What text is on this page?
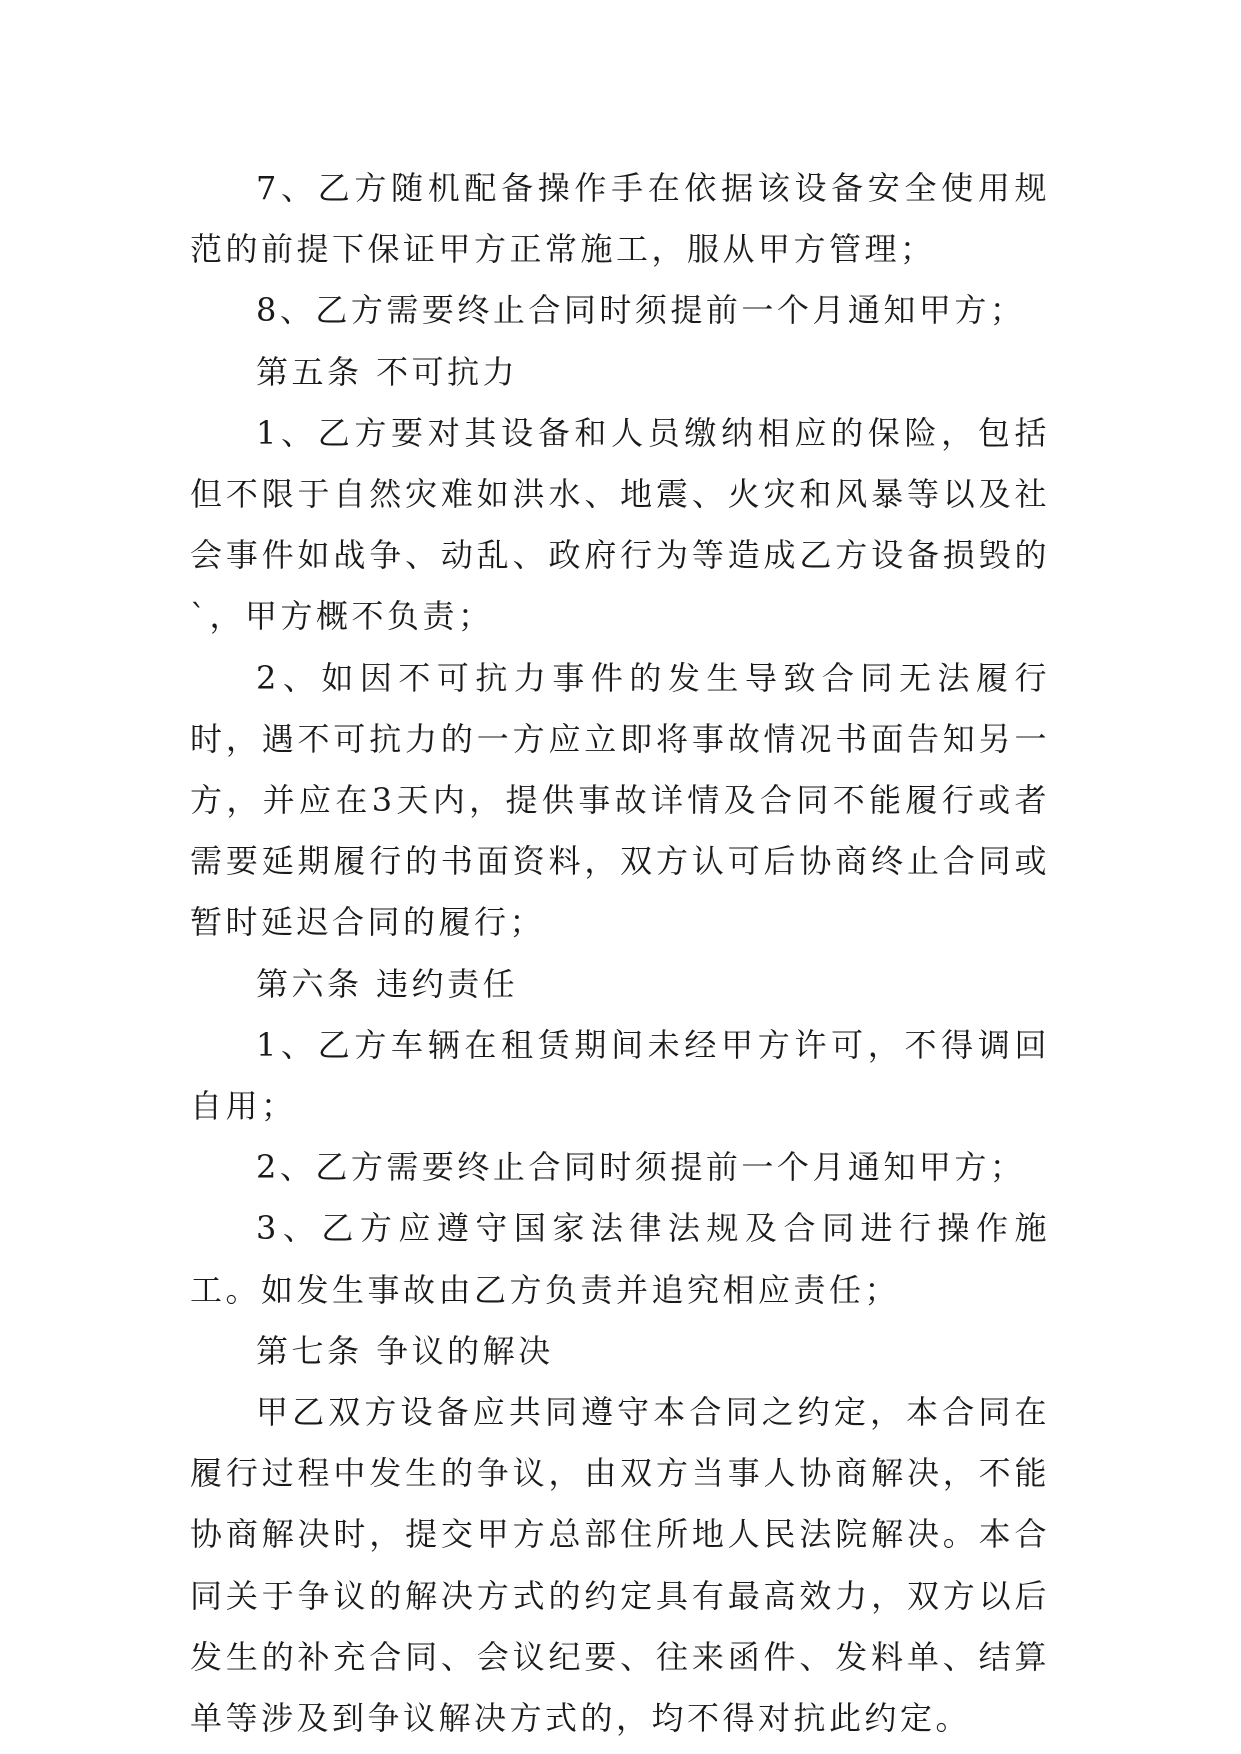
7、乙方随机配备操作手在依据该设备安全使用规范的前提下保证甲方正常施工，服从甲方管理；

8、乙方需要终止合同时须提前一个月通知甲方；

第五条 不可抗力

1、乙方要对其设备和人员缴纳相应的保险，包括但不限于自然灾难如洪水、地震、火灾和风暴等以及社会事件如战争、动乱、政府行为等造成乙方设备损毁的`，甲方概不负责；

2、如因不可抗力事件的发生导致合同无法履行时，遇不可抗力的一方应立即将事故情况书面告知另一方，并应在3天内，提供事故详情及合同不能履行或者需要延期履行的书面资料，双方认可后协商终止合同或暂时延迟合同的履行；

第六条 违约责任

1、乙方车辆在租赁期间未经甲方许可，不得调回自用；

2、乙方需要终止合同时须提前一个月通知甲方；

3、乙方应遵守国家法律法规及合同进行操作施工。如发生事故由乙方负责并追究相应责任；

第七条 争议的解决

甲乙双方设备应共同遵守本合同之约定，本合同在履行过程中发生的争议，由双方当事人协商解决，不能协商解决时，提交甲方总部住所地人民法院解决。本合同关于争议的解决方式的约定具有最高效力，双方以后发生的补充合同、会议纪要、往来函件、发料单、结算单等涉及到争议解决方式的，均不得对抗此约定。
